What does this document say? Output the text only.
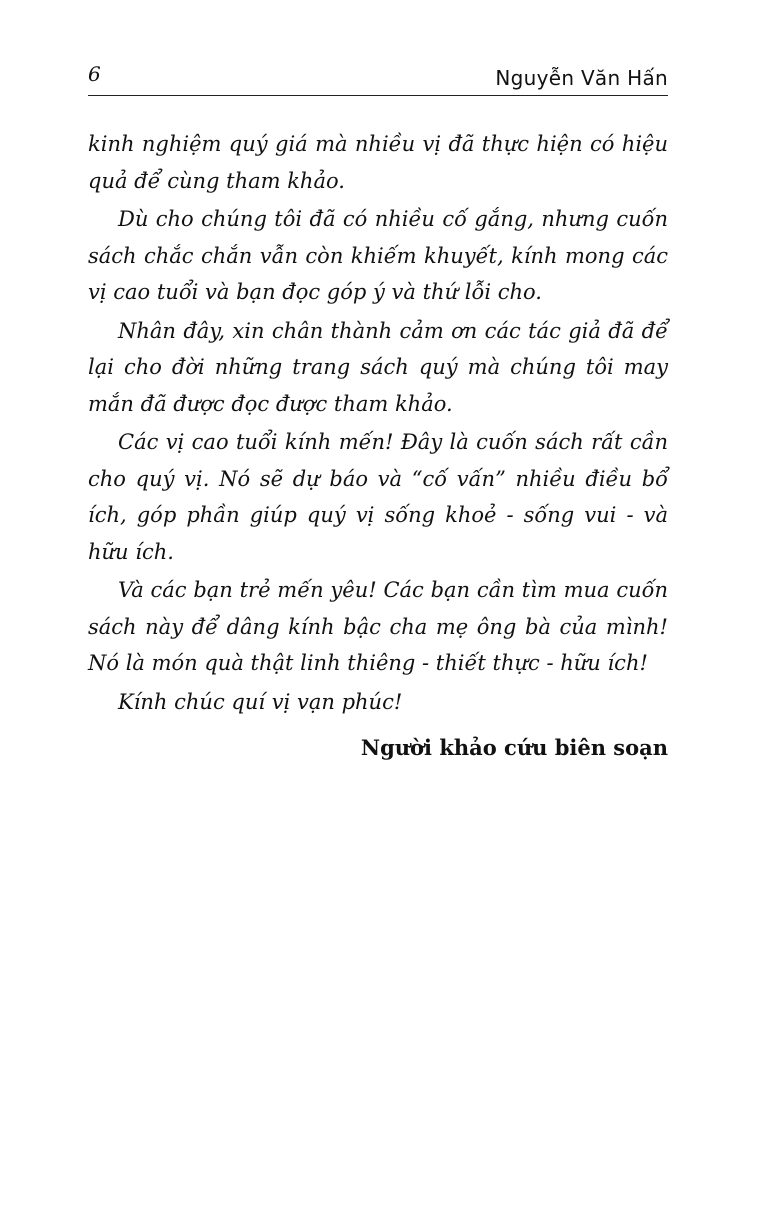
6	Nguyễn Văn Hấn

kinh nghiệm quý giá mà nhiều vị đã thực hiện có hiệu quả để cùng tham khảo.

Dù cho chúng tôi đã có nhiều cố gắng, nhưng cuốn sách chắc chắn vẫn còn khiếm khuyết, kính mong các vị cao tuổi và bạn đọc góp ý và thứ lỗi cho.

Nhân đây, xin chân thành cảm ơn các tác giả đã để lại cho đời những trang sách quý mà chúng tôi may mắn đã được đọc được tham khảo.

Các vị cao tuổi kính mến! Đây là cuốn sách rất cần cho quý vị. Nó sẽ dự báo và “cố vấn” nhiều điều bổ ích, góp phần giúp quý vị sống khoẻ - sống vui - và hữu ích.

Và các bạn trẻ mến yêu! Các bạn cần tìm mua cuốn sách này để dâng kính bậc cha mẹ ông bà của mình! Nó là món quà thật linh thiêng - thiết thực - hữu ích!

Kính chúc quí vị vạn phúc!

Người khảo cứu biên soạn
